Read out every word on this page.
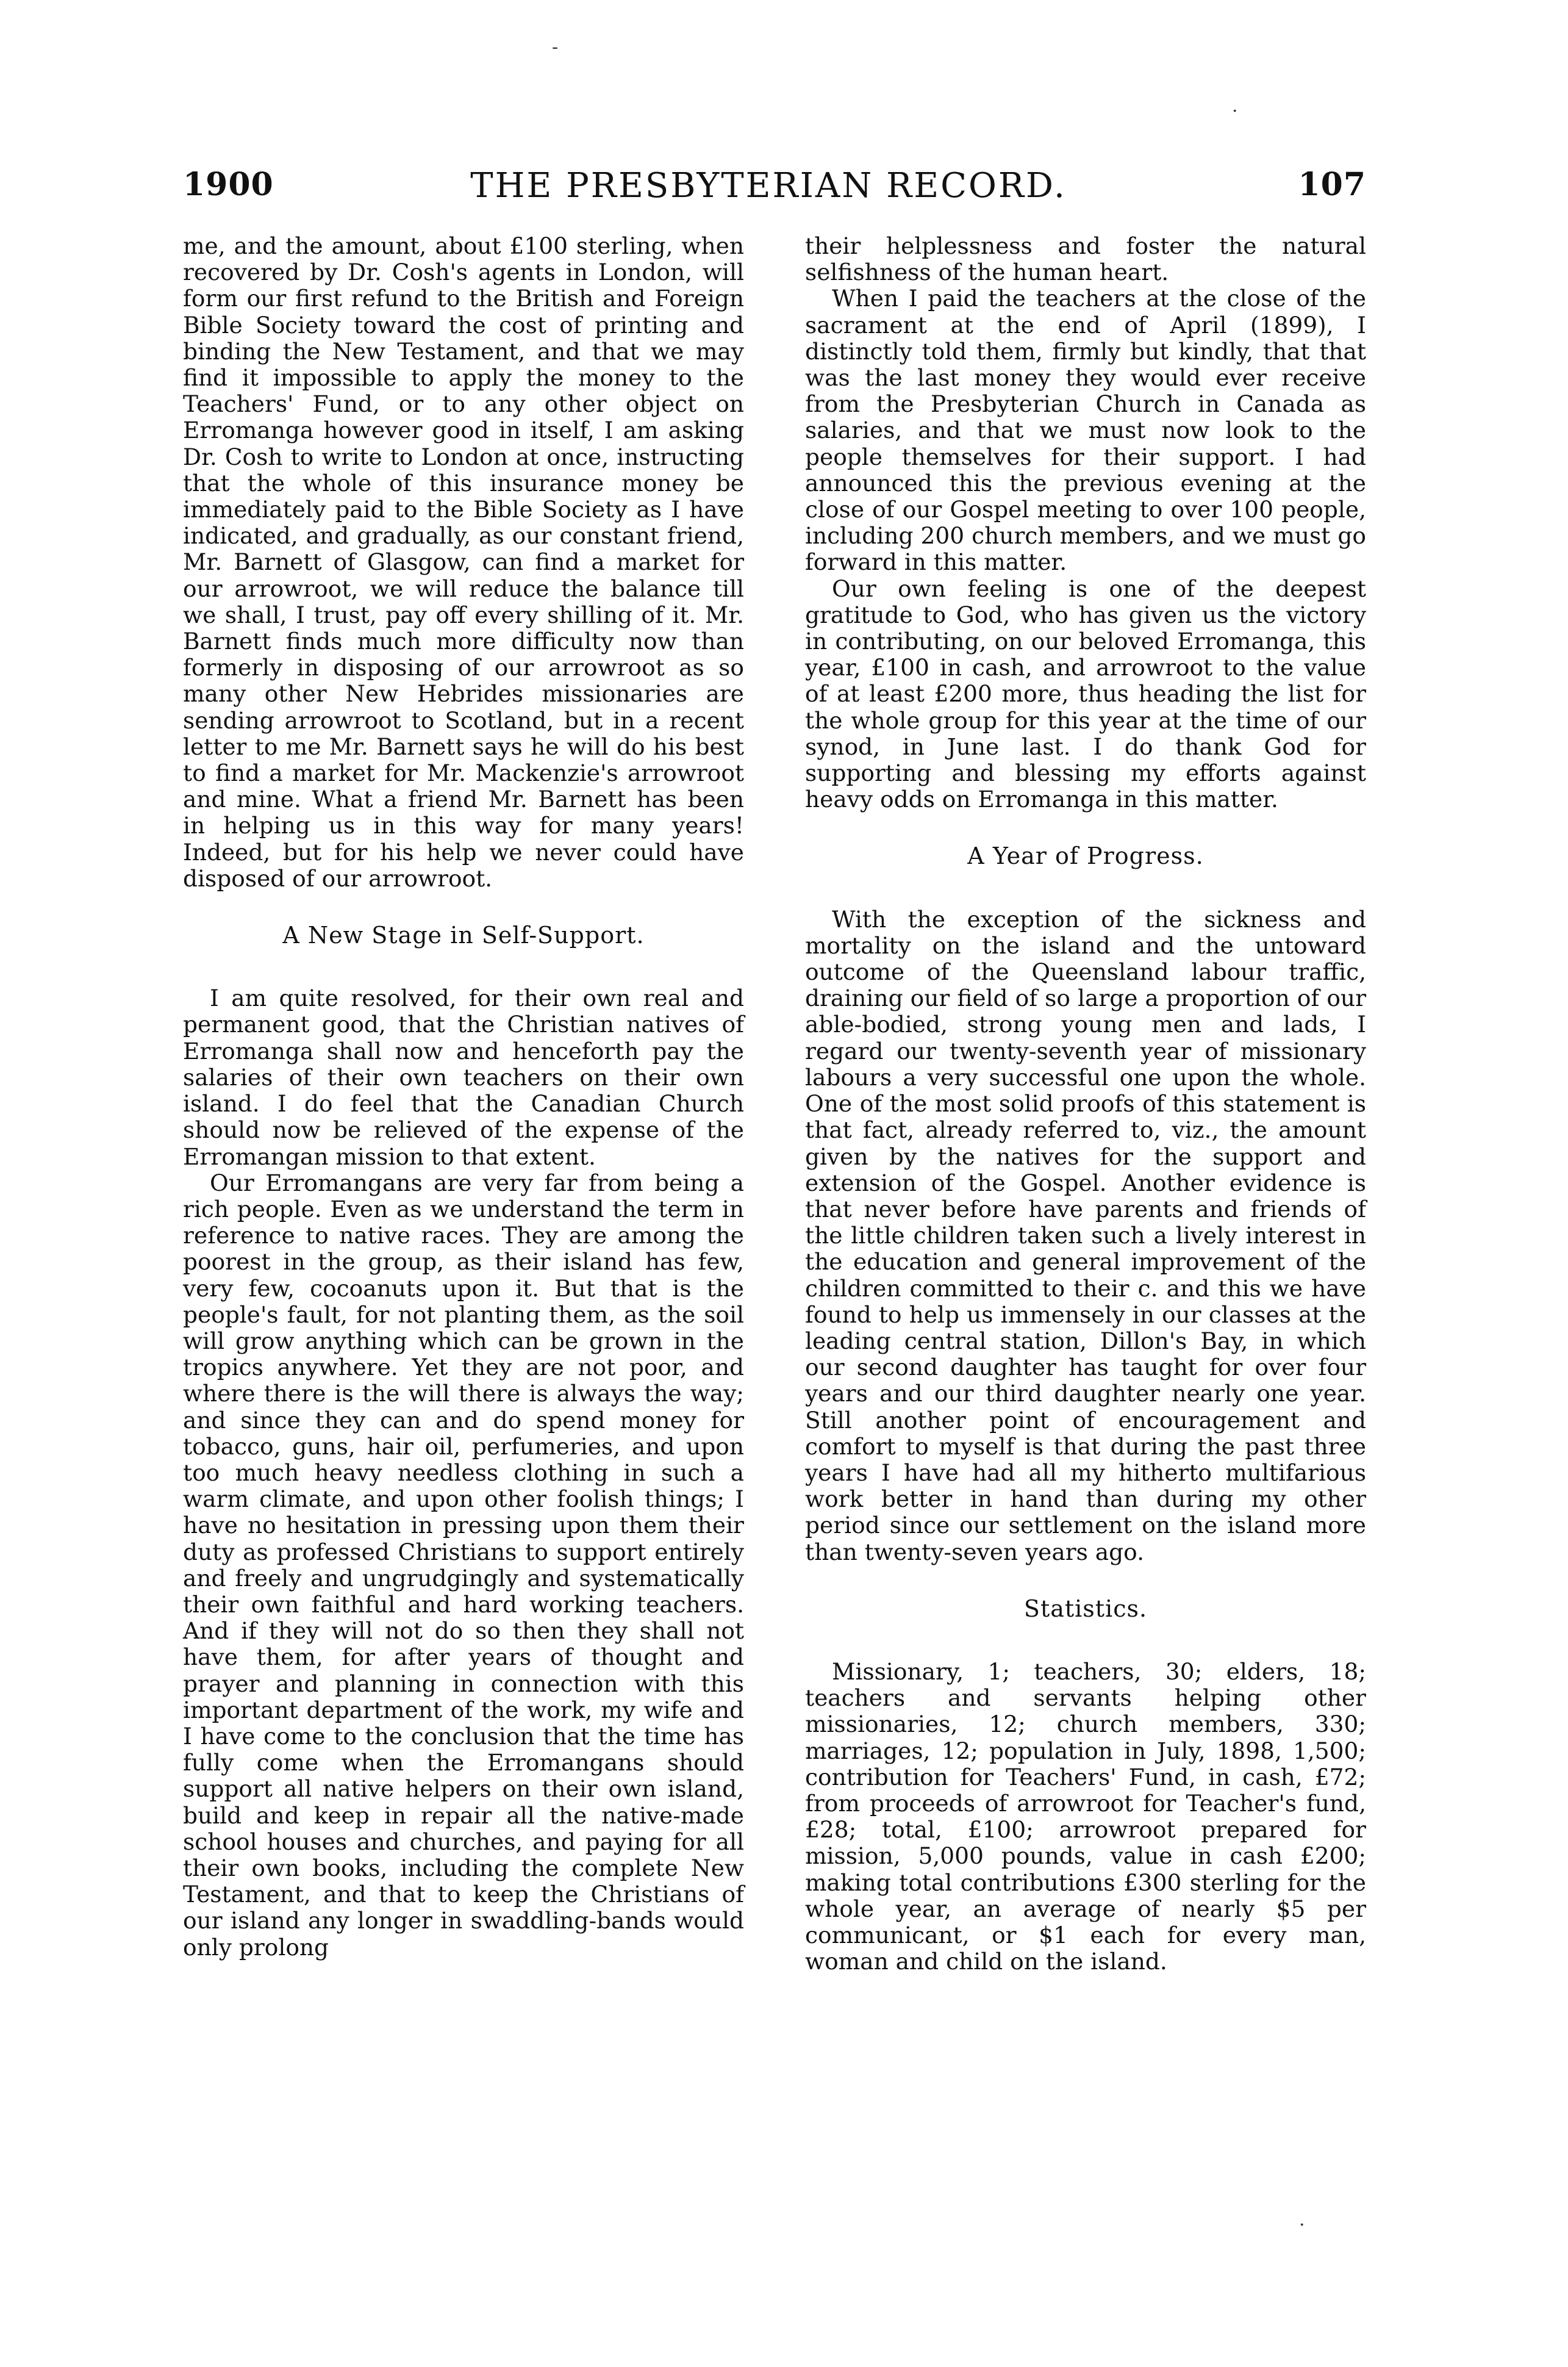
-
·
·
1900	THE PRESBYTERIAN RECORD.	107

me, and the amount, about £100 sterling, when recovered by Dr. Cosh's agents in London, will form our first refund to the British and Foreign Bible Society toward the cost of printing and binding the New Testament, and that we may find it impossible to apply the money to the Teachers' Fund, or to any other object on Erromanga however good in itself, I am asking Dr. Cosh to write to London at once, instructing that the whole of this insurance money be immediately paid to the Bible Society as I have indicated, and gradually, as our constant friend, Mr. Barnett of Glasgow, can find a market for our arrowroot, we will reduce the balance till we shall, I trust, pay off every shilling of it. Mr. Barnett finds much more difficulty now than formerly in disposing of our arrowroot as so many other New Hebrides missionaries are sending arrowroot to Scotland, but in a recent letter to me Mr. Barnett says he will do his best to find a market for Mr. Mackenzie's arrowroot and mine. What a friend Mr. Barnett has been in helping us in this way for many years! Indeed, but for his help we never could have disposed of our arrowroot.

A New Stage in Self-Support.

I am quite resolved, for their own real and permanent good, that the Christian natives of Erromanga shall now and henceforth pay the salaries of their own teachers on their own island. I do feel that the Canadian Church should now be relieved of the expense of the Erromangan mission to that extent.

Our Erromangans are very far from being a rich people. Even as we understand the term in reference to native races. They are among the poorest in the group, as their island has few, very few, cocoanuts upon it. But that is the people's fault, for not planting them, as the soil will grow anything which can be grown in the tropics anywhere. Yet they are not poor, and where there is the will there is always the way; and since they can and do spend money for tobacco, guns, hair oil, perfumeries, and upon too much heavy needless clothing in such a warm climate, and upon other foolish things; I have no hesitation in pressing upon them their duty as professed Christians to support entirely and freely and ungrudgingly and systematically their own faithful and hard working teachers. And if they will not do so then they shall not have them, for after years of thought and prayer and planning in connection with this important department of the work, my wife and I have come to the conclusion that the time has fully come when the Erromangans should support all native helpers on their own island, build and keep in repair all the native-made school houses and churches, and paying for all their own books, including the complete New Testament, and that to keep the Christians of our island any longer in swaddling-bands would only prolong

their helplessness and foster the natural selfishness of the human heart.

When I paid the teachers at the close of the sacrament at the end of April (1899), I distinctly told them, firmly but kindly, that that was the last money they would ever receive from the Presbyterian Church in Canada as salaries, and that we must now look to the people themselves for their support. I had announced this the previous evening at the close of our Gospel meeting to over 100 people, including 200 church members, and we must go forward in this matter.

Our own feeling is one of the deepest gratitude to God, who has given us the victory in contributing, on our beloved Erromanga, this year, £100 in cash, and arrowroot to the value of at least £200 more, thus heading the list for the whole group for this year at the time of our synod, in June last. I do thank God for supporting and blessing my efforts against heavy odds on Erromanga in this matter.

A Year of Progress.

With the exception of the sickness and mortality on the island and the untoward outcome of the Queensland labour traffic, draining our field of so large a proportion of our able-bodied, strong young men and lads, I regard our twenty-seventh year of missionary labours a very successful one upon the whole. One of the most solid proofs of this statement is that fact, already referred to, viz., the amount given by the natives for the support and extension of the Gospel. Another evidence is that never before have parents and friends of the little children taken such a lively interest in the education and general improvement of the children committed to their c. and this we have found to help us immensely in our classes at the leading central station, Dillon's Bay, in which our second daughter has taught for over four years and our third daughter nearly one year. Still another point of encouragement and comfort to myself is that during the past three years I have had all my hitherto multifarious work better in hand than during my other period since our settlement on the island more than twenty-seven years ago.

Statistics.

Missionary, 1; teachers, 30; elders, 18; teachers and servants helping other missionaries, 12; church members, 330; marriages, 12; population in July, 1898, 1,500; contribution for Teachers' Fund, in cash, £72; from proceeds of arrowroot for Teacher's fund, £28; total, £100; arrowroot prepared for mission, 5,000 pounds, value in cash £200; making total contributions £300 sterling for the whole year, an average of nearly $5 per communicant, or $1 each for every man, woman and child on the island.
